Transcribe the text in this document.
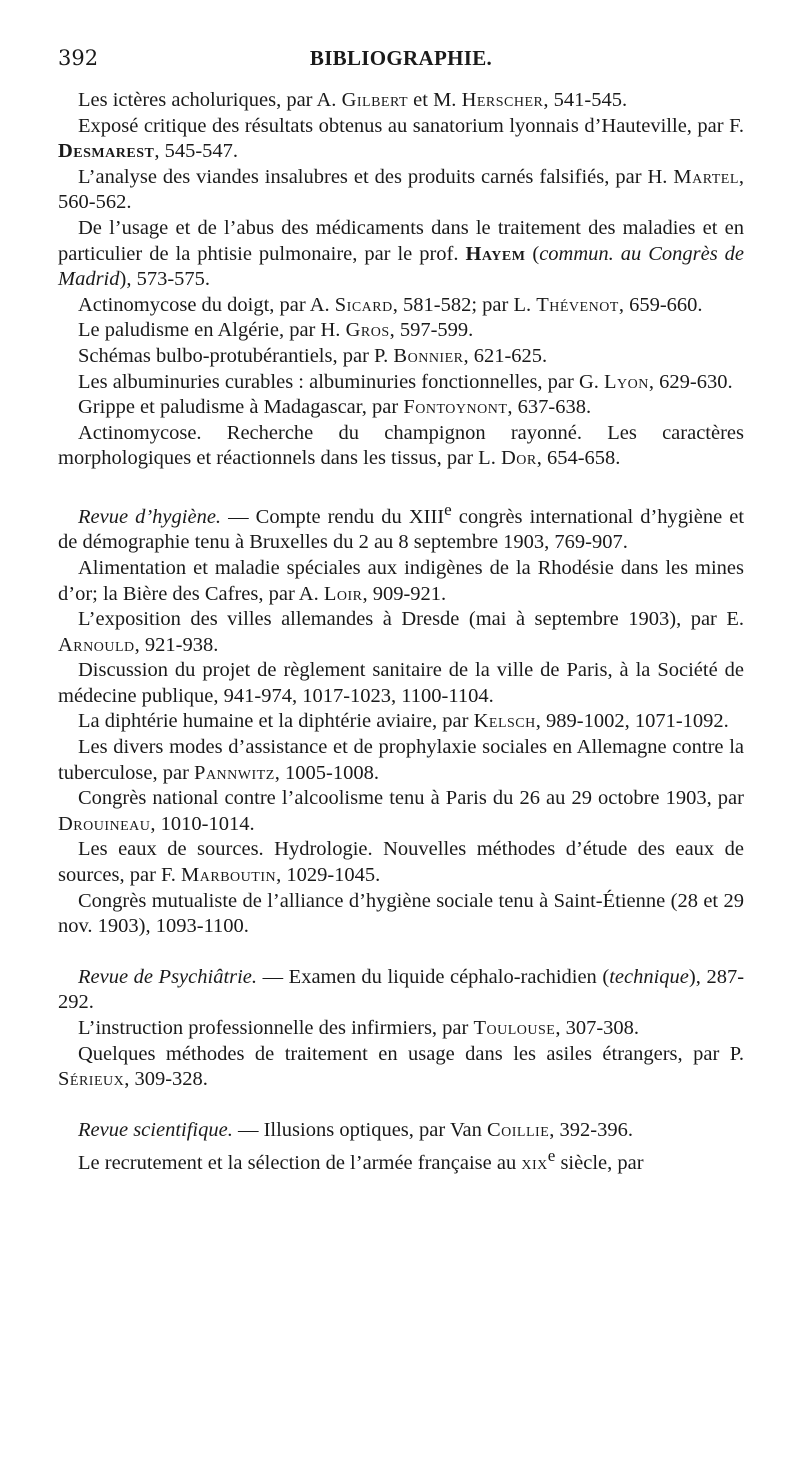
392	BIBLIOGRAPHIE.

Les ictères acholuriques, par A. Gilbert et M. Herscher, 541-545.

Exposé critique des résultats obtenus au sanatorium lyonnais d’Hauteville, par F. Desmarest, 545-547.

L’analyse des viandes insalubres et des produits carnés falsifiés, par H. Martel, 560-562.

De l’usage et de l’abus des médicaments dans le traitement des maladies et en particulier de la phtisie pulmonaire, par le prof. Hayem (commun. au Congrès de Madrid), 573-575.

Actinomycose du doigt, par A. Sicard, 581-582; par L. Thévenot, 659-660.

Le paludisme en Algérie, par H. Gros, 597-599.

Schémas bulbo-protubérantiels, par P. Bonnier, 621-625.

Les albuminuries curables : albuminuries fonctionnelles, par G. Lyon, 629-630.

Grippe et paludisme à Madagascar, par Fontoynont, 637-638.

Actinomycose. Recherche du champignon rayonné. Les caractères morphologiques et réactionnels dans les tissus, par L. Dor, 654-658.

Revue d’hygiène. — Compte rendu du XIIIe congrès international d’hygiène et de démographie tenu à Bruxelles du 2 au 8 septembre 1903, 769-907.

Alimentation et maladie spéciales aux indigènes de la Rhodésie dans les mines d’or; la Bière des Cafres, par A. Loir, 909-921.

L’exposition des villes allemandes à Dresde (mai à septembre 1903), par E. Arnould, 921-938.

Discussion du projet de règlement sanitaire de la ville de Paris, à la Société de médecine publique, 941-974, 1017-1023, 1100-1104.

La diphtérie humaine et la diphtérie aviaire, par Kelsch, 989-1002, 1071-1092.

Les divers modes d’assistance et de prophylaxie sociales en Allemagne contre la tuberculose, par Pannwitz, 1005-1008.

Congrès national contre l’alcoolisme tenu à Paris du 26 au 29 octobre 1903, par Drouineau, 1010-1014.

Les eaux de sources. Hydrologie. Nouvelles méthodes d’étude des eaux de sources, par F. Marboutin, 1029-1045.

Congrès mutualiste de l’alliance d’hygiène sociale tenu à Saint-Étienne (28 et 29 nov. 1903), 1093-1100.

Revue de Psychiâtrie. — Examen du liquide céphalo-rachidien (technique), 287-292.

L’instruction professionnelle des infirmiers, par Toulouse, 307-308.

Quelques méthodes de traitement en usage dans les asiles étrangers, par P. Sérieux, 309-328.

Revue scientifique. — Illusions optiques, par Van Coillie, 392-396.

Le recrutement et la sélection de l’armée française au xix$^e$ siècle, par
